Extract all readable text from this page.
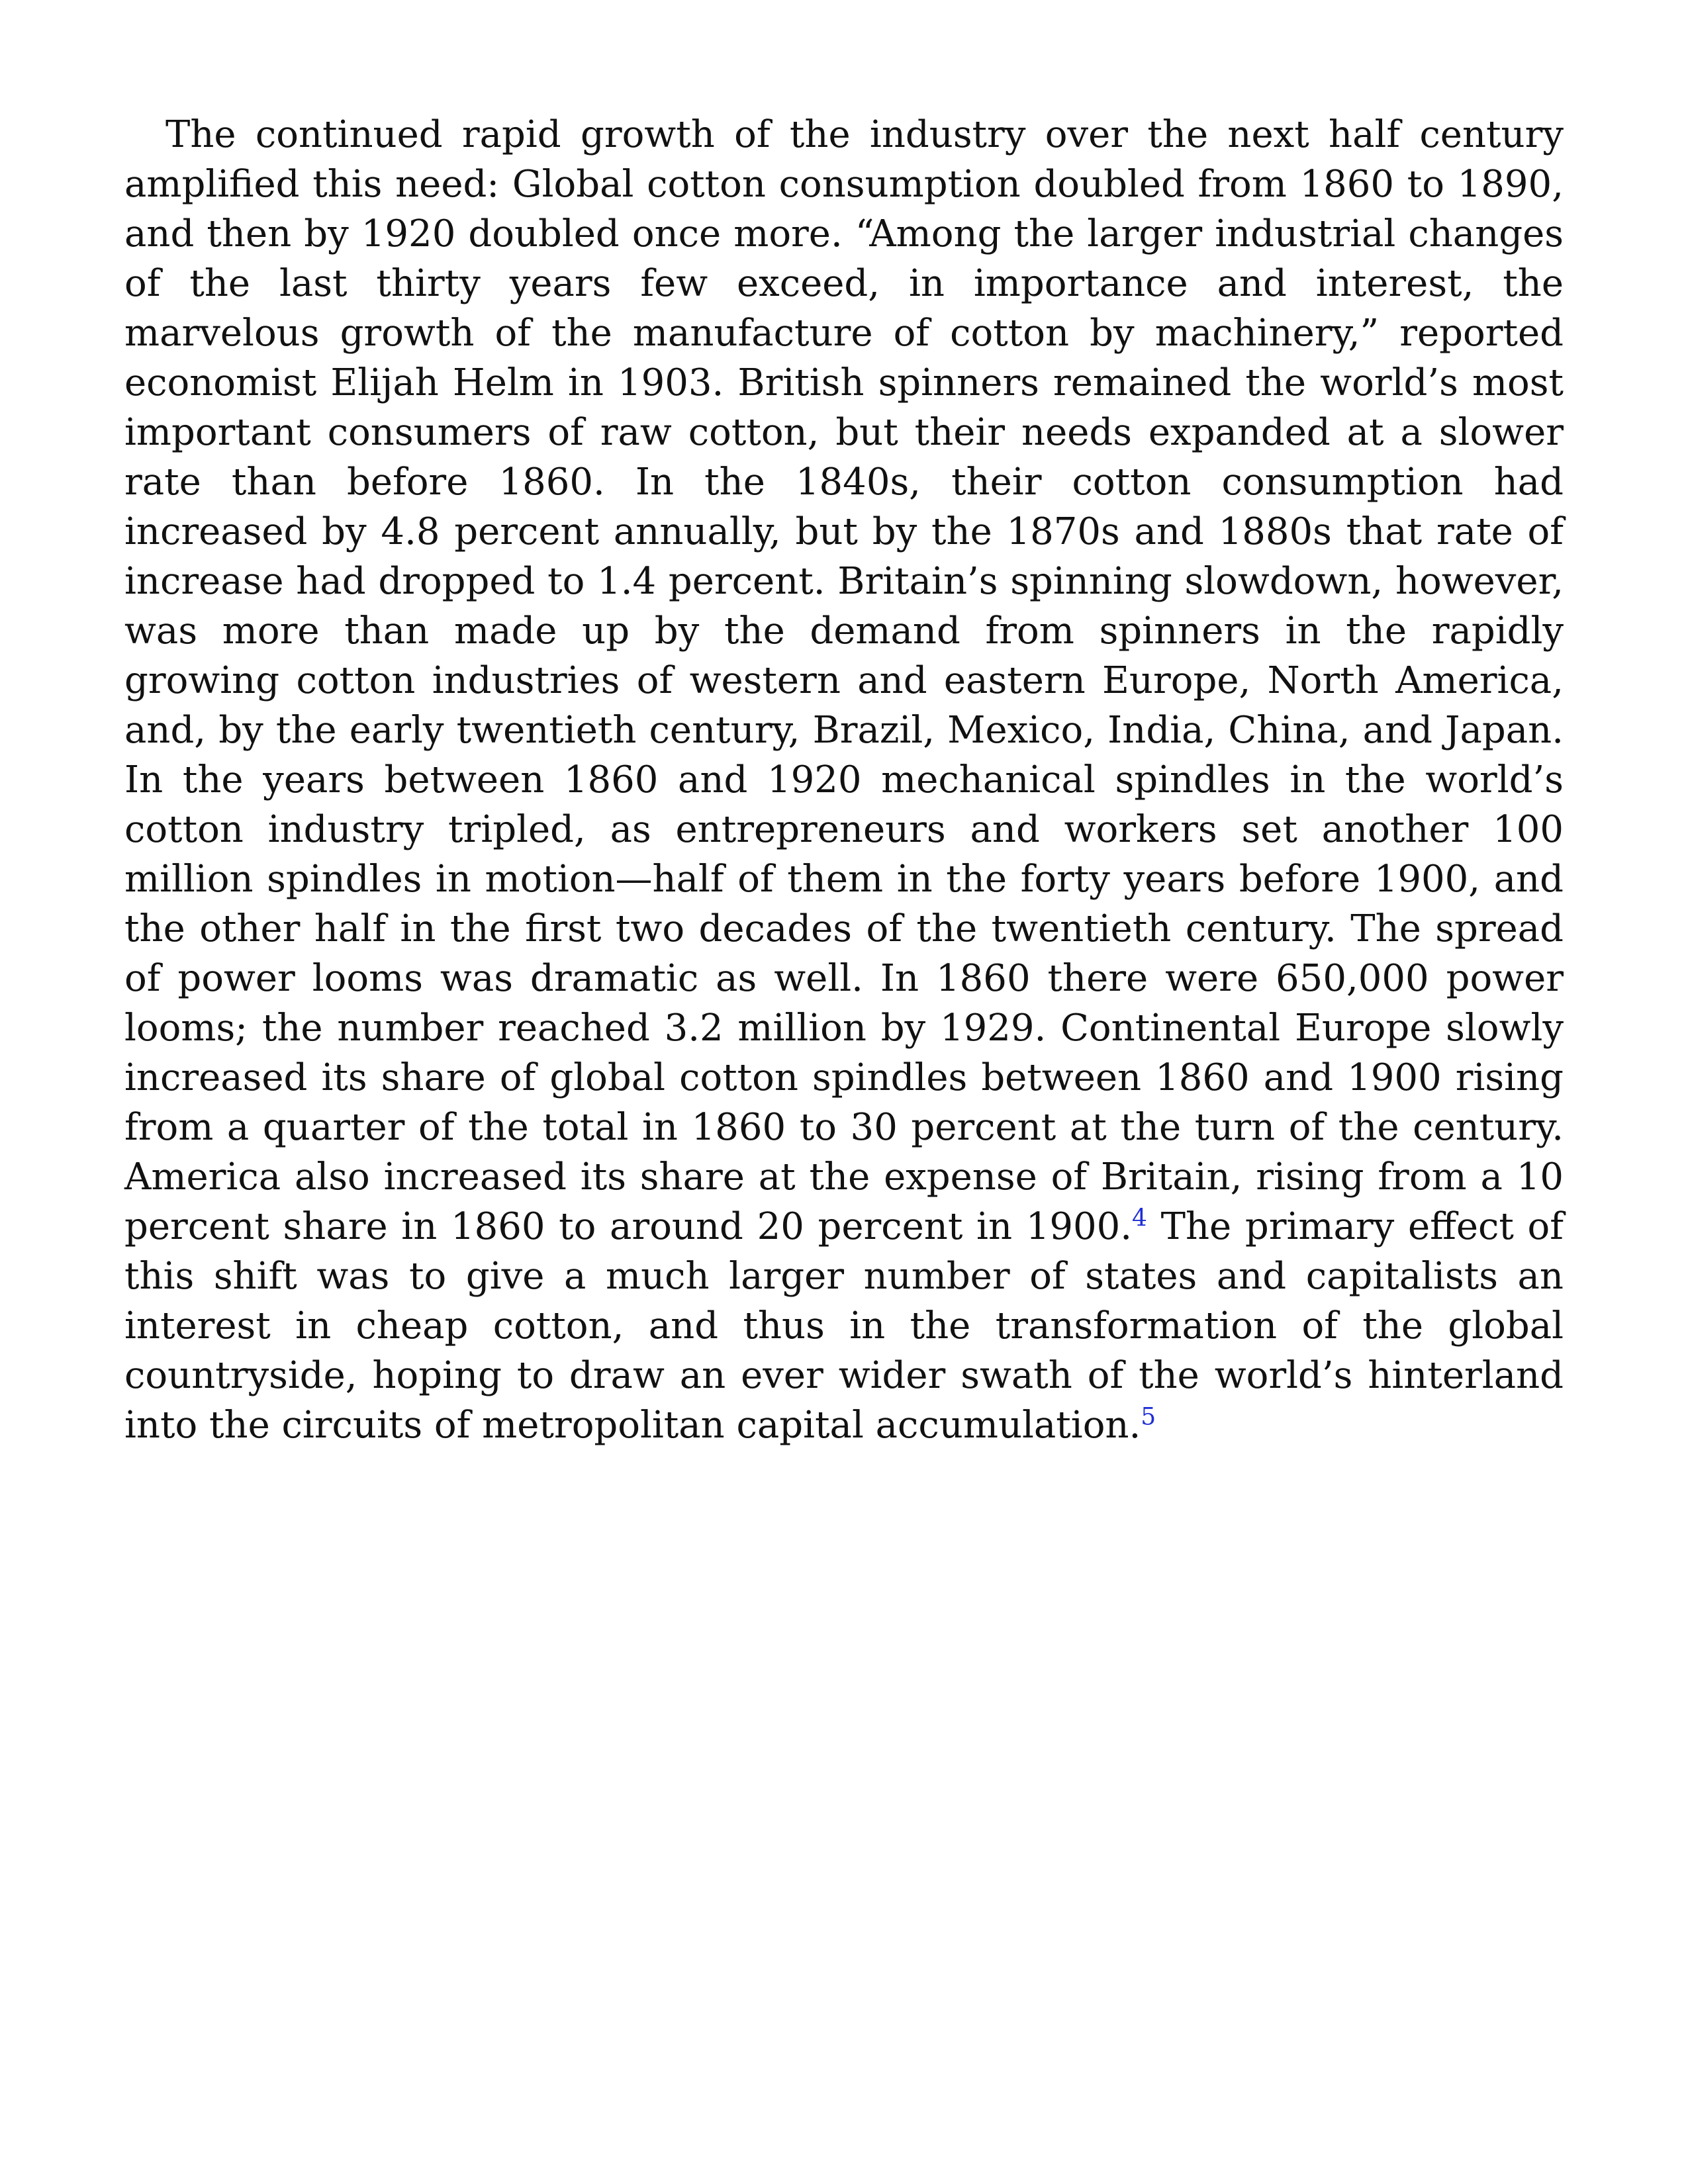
The continued rapid growth of the industry over the next half century amplified this need: Global cotton consumption doubled from 1860 to 1890, and then by 1920 doubled once more. “Among the larger industrial changes of the last thirty years few exceed, in importance and interest, the marvelous growth of the manufacture of cotton by machinery,” reported economist Elijah Helm in 1903. British spinners remained the world’s most important consumers of raw cotton, but their needs expanded at a slower rate than before 1860. In the 1840s, their cotton consumption had increased by 4.8 percent annually, but by the 1870s and 1880s that rate of increase had dropped to 1.4 percent. Britain’s spinning slowdown, however, was more than made up by the demand from spinners in the rapidly growing cotton industries of western and eastern Europe, North America, and, by the early twentieth century, Brazil, Mexico, India, China, and Japan. In the years between 1860 and 1920 mechanical spindles in the world’s cotton industry tripled, as entrepreneurs and workers set another 100 million spindles in motion—half of them in the forty years before 1900, and the other half in the first two decades of the twentieth century. The spread of power looms was dramatic as well. In 1860 there were 650,000 power looms; the number reached 3.2 million by 1929. Continental Europe slowly increased its share of global cotton spindles between 1860 and 1900 rising from a quarter of the total in 1860 to 30 percent at the turn of the century. America also increased its share at the expense of Britain, rising from a 10 percent share in 1860 to around 20 percent in 1900.$^4$ The primary effect of this shift was to give a much larger number of states and capitalists an interest in cheap cotton, and thus in the transformation of the global countryside, hoping to draw an ever wider swath of the world’s hinterland into the circuits of metropolitan capital accumulation.$^5$
